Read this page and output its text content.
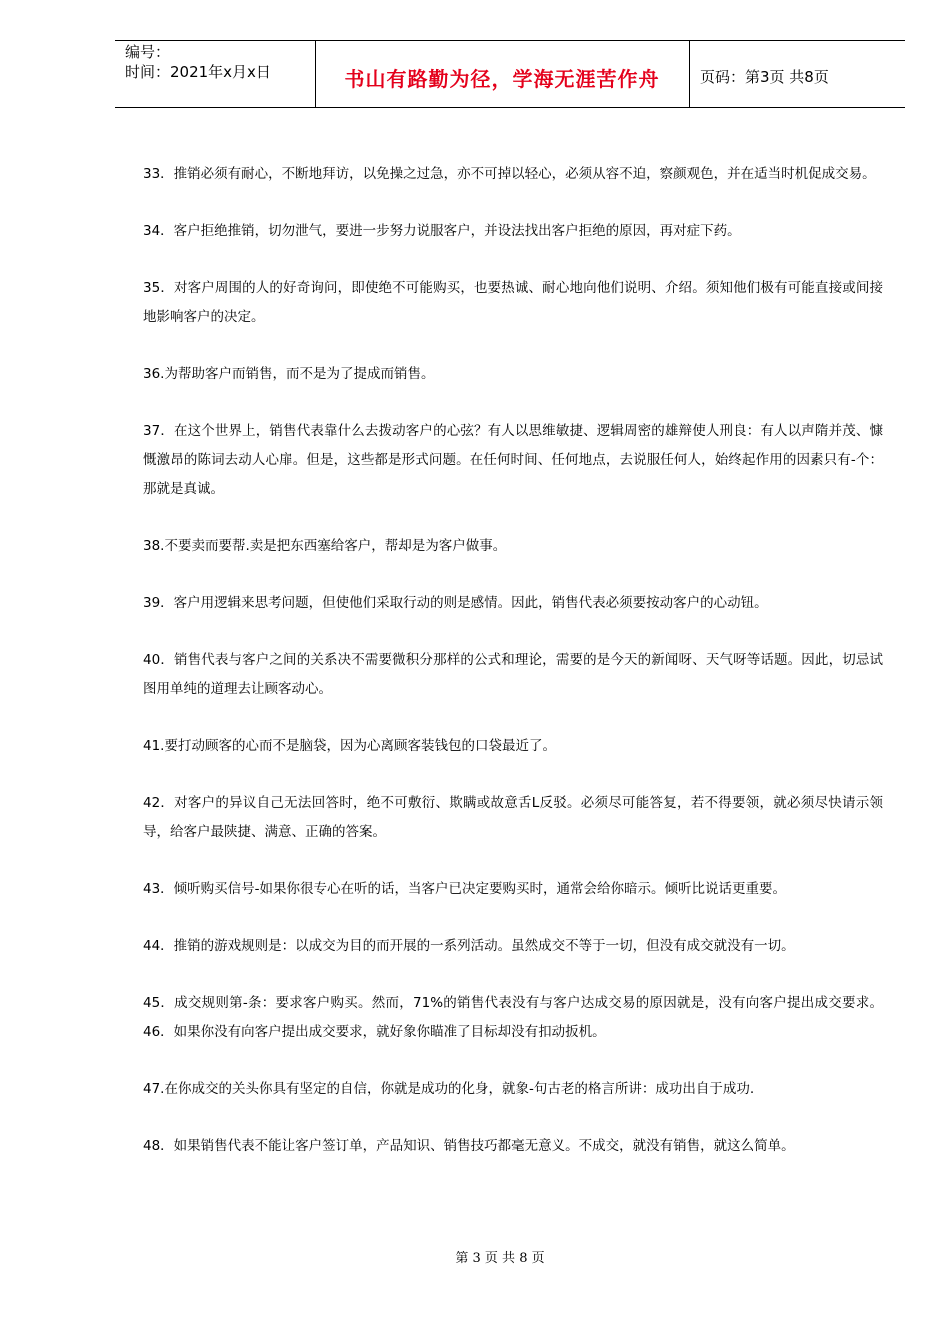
编号：
时间：2021年x月x日	书山有路勤为径，学海无涯苦作舟	页码：第3页 共8页

33．推销必须有耐心，不断地拜访，以免操之过急，亦不可掉以轻心，必须从容不迫，察颜观色，并在适当时机促成交易。

34．客户拒绝推销，切勿泄气，要进一步努力说服客户，并设法找出客户拒绝的原因，再对症下药。

35．对客户周围的人的好奇询问，即使绝不可能购买，也要热诚、耐心地向他们说明、介绍。须知他们极有可能直接或间接地影响客户的决定。

36.为帮助客户而销售，而不是为了提成而销售。

37．在这个世界上，销售代表靠什么去拨动客户的心弦？有人以思维敏捷、逻辑周密的雄辩使人刑良：有人以声隋并茂、慷慨激昂的陈词去动人心扉。但是，这些都是形式问题。在任何时间、任何地点，去说服任何人，始终起作用的因素只有-个：那就是真诚。

38.不要卖而要帮.卖是把东西塞给客户，帮却是为客户做事。

39．客户用逻辑来思考问题，但使他们采取行动的则是感情。因此，销售代表必须要按动客户的心动钮。

40．销售代表与客户之间的关系决不需要微积分那样的公式和理论，需要的是今天的新闻呀、天气呀等话题。因此，切忌试图用单纯的道理去让顾客动心。

41.要打动顾客的心而不是脑袋，因为心离顾客装钱包的口袋最近了。

42．对客户的异议自己无法回答时，绝不可敷衍、欺瞒或故意舌L反驳。必须尽可能答复，若不得要领，就必须尽快请示领导，给客户最陕捷、满意、正确的答案。

43．倾听购买信号-如果你很专心在听的话，当客户已决定要购买时，通常会给你暗示。倾听比说话更重要。

44．推销的游戏规则是：以成交为目的而开展的一系列活动。虽然成交不等于一切，但没有成交就没有一切。

45．成交规则第-条：要求客户购买。然而，71%的销售代表没有与客户达成交易的原因就是，没有向客户提出成交要求。46．如果你没有向客户提出成交要求，就好象你瞄准了目标却没有扣动扳机。

47.在你成交的关头你具有坚定的自信，你就是成功的化身，就象-句古老的格言所讲：成功出自于成功.

48．如果销售代表不能让客户签订单，产品知识、销售技巧都毫无意义。不成交，就没有销售，就这么简单。

第 3 页 共 8 页
